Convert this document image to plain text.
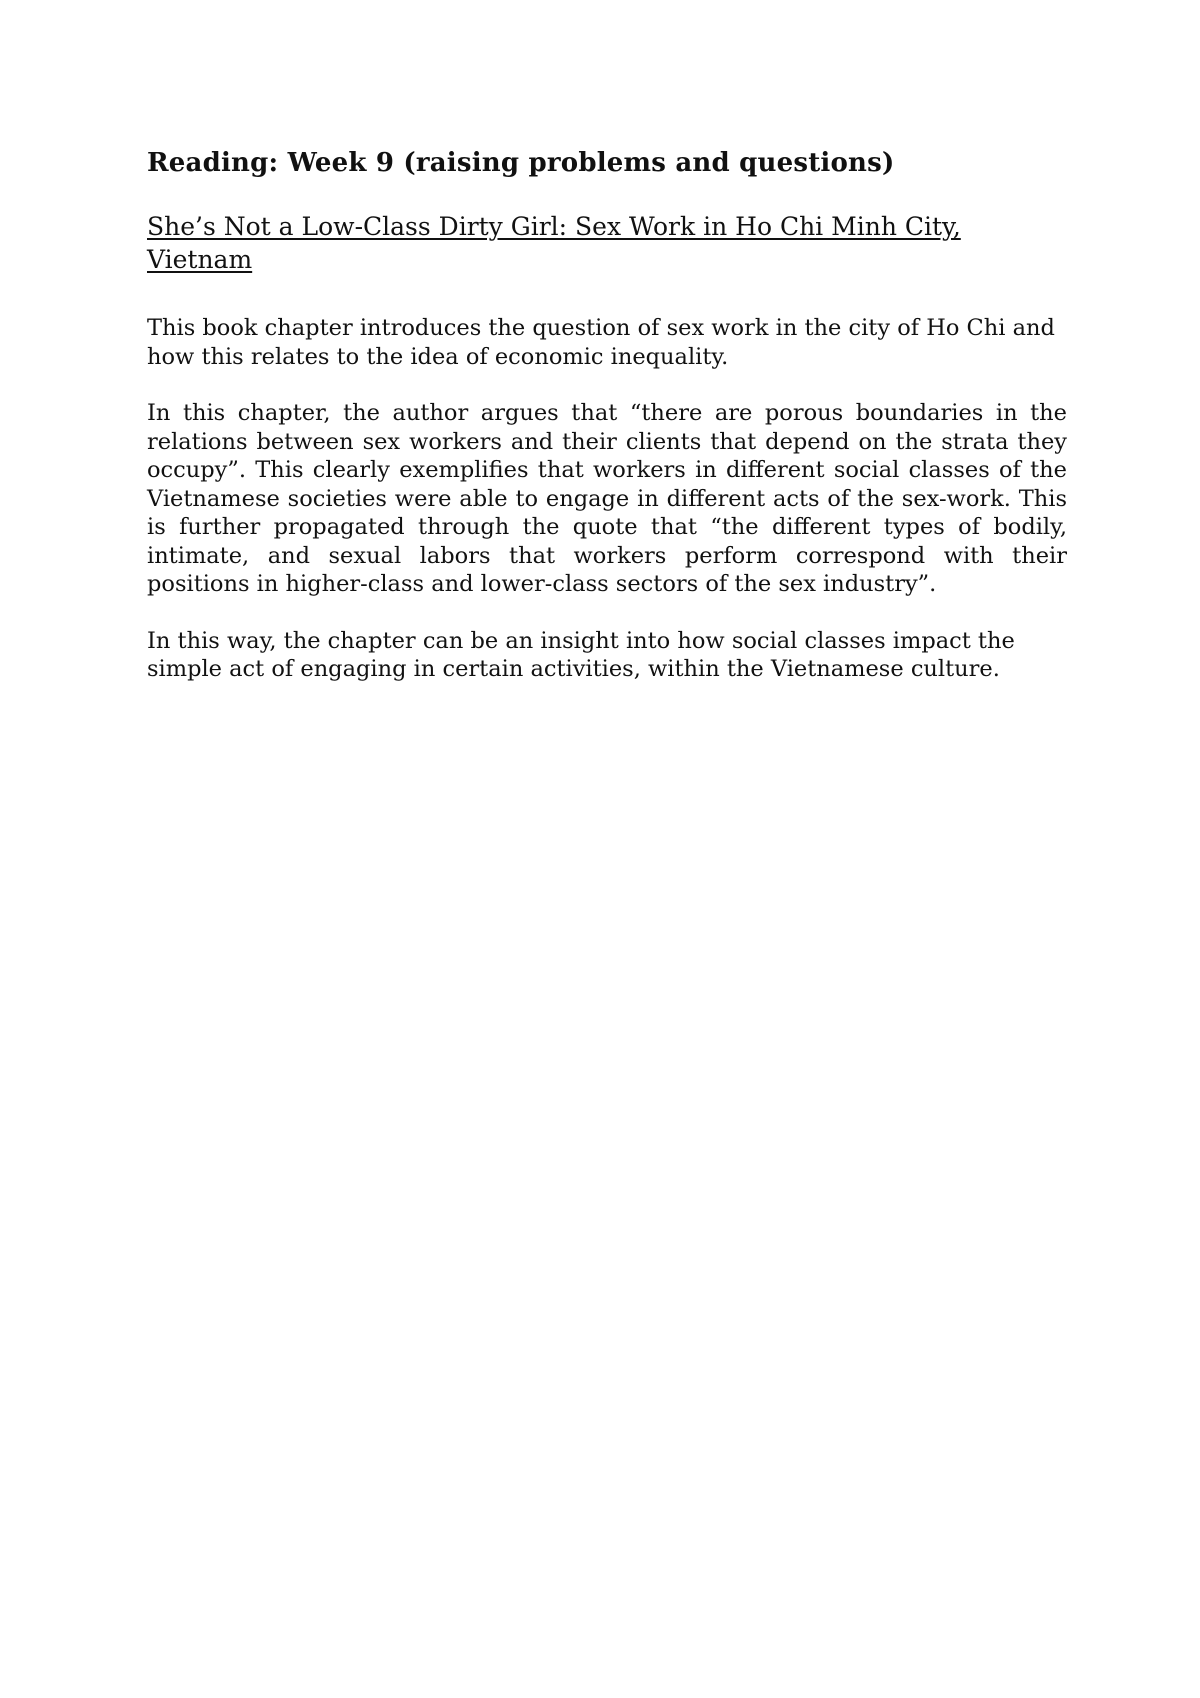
Reading: Week 9 (raising problems and questions)
She’s Not a Low-Class Dirty Girl: Sex Work in Ho Chi Minh City, Vietnam

This book chapter introduces the question of sex work in the city of Ho Chi and how this relates to the idea of economic inequality.

In this chapter, the author argues that “there are porous boundaries in the relations between sex workers and their clients that depend on the strata they occupy”. This clearly exemplifies that workers in different social classes of the Vietnamese societies were able to engage in different acts of the sex-work. This is further propagated through the quote that “the different types of bodily, intimate, and sexual labors that workers perform correspond with their positions in higher-class and lower-class sectors of the sex industry”.

In this way, the chapter can be an insight into how social classes impact the simple act of engaging in certain activities, within the Vietnamese culture.
